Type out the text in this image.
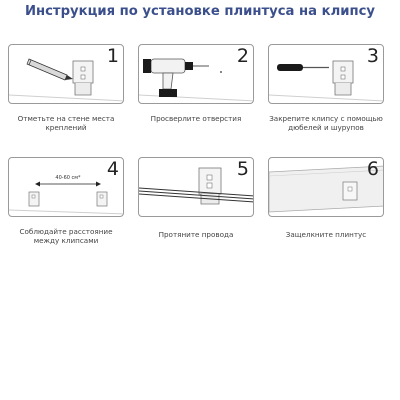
Инструкция по установке плинтуса на клипсу
1
Отметьте на стене места
креплений
2
Просверлите отверстия
3
Закрепите клипсу с помощью
дюбелей и шурупов
40-60 см* 4
Соблюдайте расстояние
между клипсами
5
Протяните провода
6
Защелкните плинтус
